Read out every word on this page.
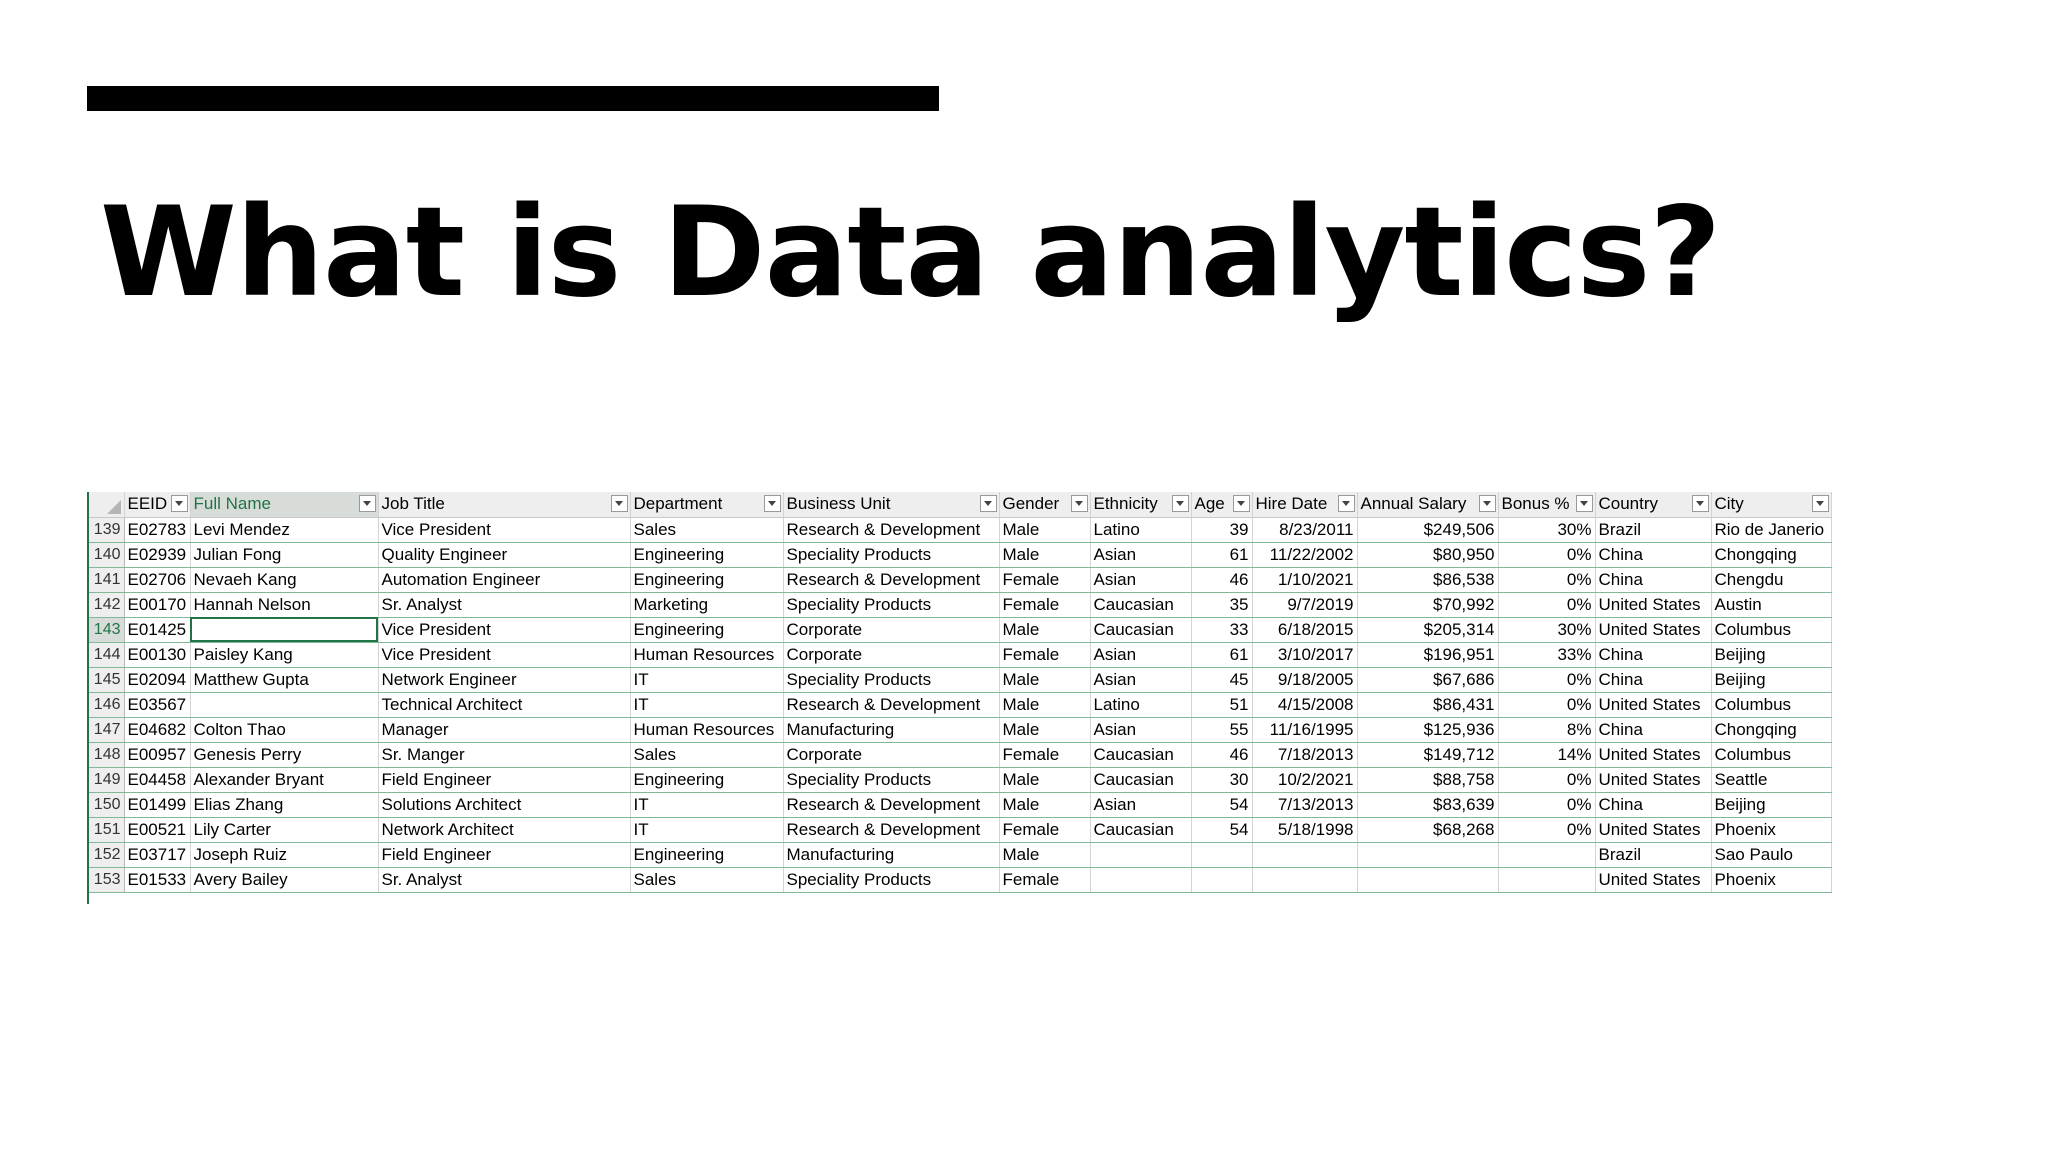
What is Data analytics?
	EEID	Full Name	Job Title	Department	Business Unit	Gender	Ethnicity	Age	Hire Date	Annual Salary	Bonus %	Country	City

139	E02783	Levi Mendez	Vice President	Sales	Research & Development	Male	Latino	39	8/23/2011	$249,506	30%	Brazil	Rio de Janerio
140	E02939	Julian Fong	Quality Engineer	Engineering	Speciality Products	Male	Asian	61	11/22/2002	$80,950	0%	China	Chongqing
141	E02706	Nevaeh Kang	Automation Engineer	Engineering	Research & Development	Female	Asian	46	1/10/2021	$86,538	0%	China	Chengdu
142	E00170	Hannah Nelson	Sr. Analyst	Marketing	Speciality Products	Female	Caucasian	35	9/7/2019	$70,992	0%	United States	Austin
143	E01425		Vice President	Engineering	Corporate	Male	Caucasian	33	6/18/2015	$205,314	30%	United States	Columbus
144	E00130	Paisley Kang	Vice President	Human Resources	Corporate	Female	Asian	61	3/10/2017	$196,951	33%	China	Beijing
145	E02094	Matthew Gupta	Network Engineer	IT	Speciality Products	Male	Asian	45	9/18/2005	$67,686	0%	China	Beijing
146	E03567		Technical Architect	IT	Research & Development	Male	Latino	51	4/15/2008	$86,431	0%	United States	Columbus
147	E04682	Colton Thao	Manager	Human Resources	Manufacturing	Male	Asian	55	11/16/1995	$125,936	8%	China	Chongqing
148	E00957	Genesis Perry	Sr. Manger	Sales	Corporate	Female	Caucasian	46	7/18/2013	$149,712	14%	United States	Columbus
149	E04458	Alexander Bryant	Field Engineer	Engineering	Speciality Products	Male	Caucasian	30	10/2/2021	$88,758	0%	United States	Seattle
150	E01499	Elias Zhang	Solutions Architect	IT	Research & Development	Male	Asian	54	7/13/2013	$83,639	0%	China	Beijing
151	E00521	Lily Carter	Network Architect	IT	Research & Development	Female	Caucasian	54	5/18/1998	$68,268	0%	United States	Phoenix
152	E03717	Joseph Ruiz	Field Engineer	Engineering	Manufacturing	Male						Brazil	Sao Paulo
153	E01533	Avery Bailey	Sr. Analyst	Sales	Speciality Products	Female						United States	Phoenix
